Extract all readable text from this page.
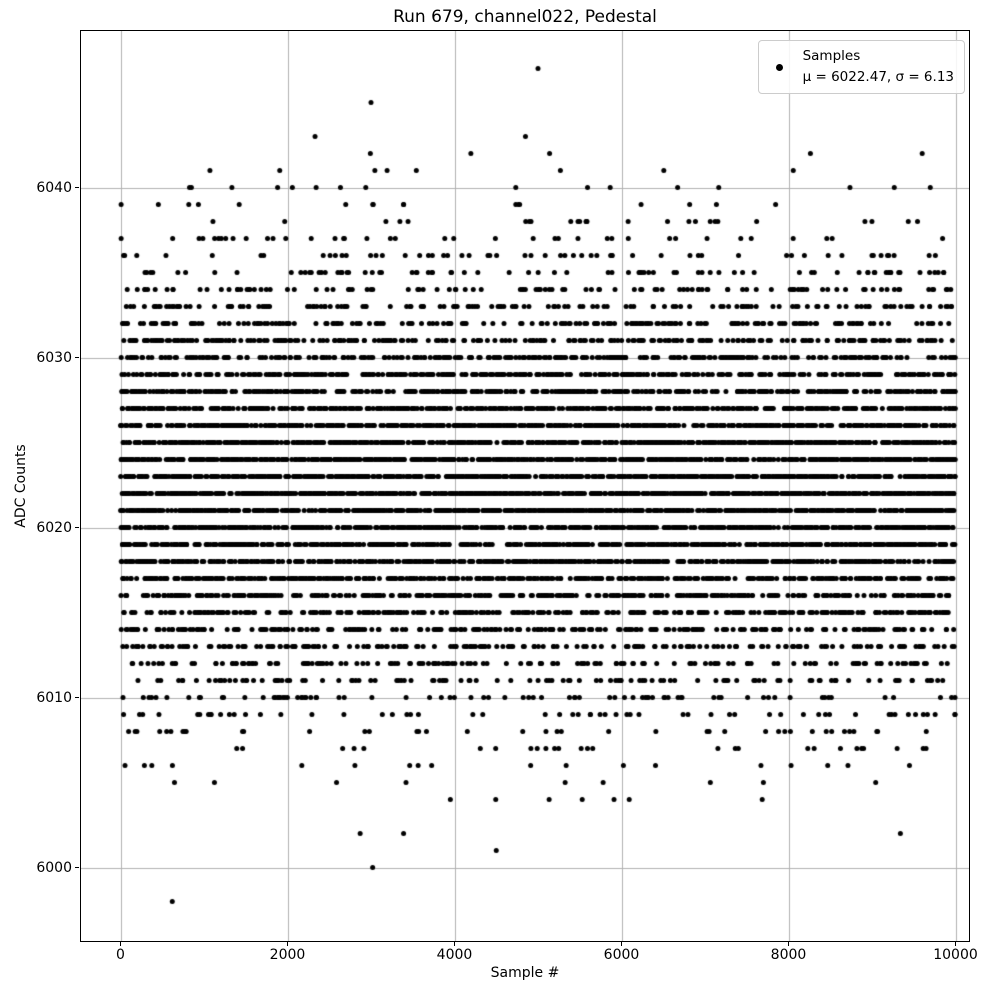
Run 679, channel022, Pedestal
ADC Counts
Sample #
Samples
μ = 6022.47, σ = 6.13
0	2000	4000	6000	8000	10000
6000
6010
6020
6030
6040
